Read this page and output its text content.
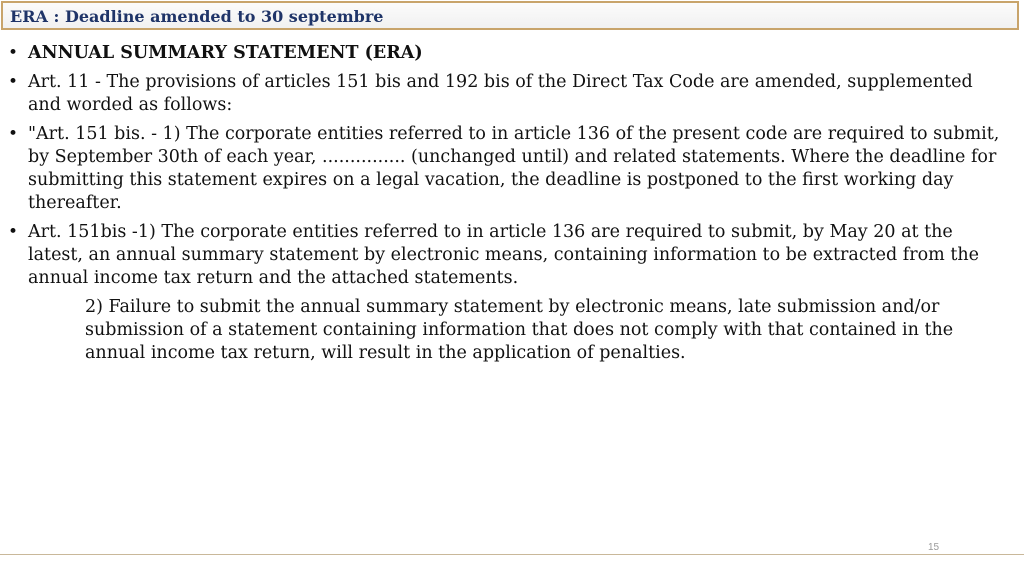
ERA : Deadline amended to 30 septembre
• ANNUAL SUMMARY STATEMENT (ERA)
• Art. 11 - The provisions of articles 151 bis and 192 bis of the Direct Tax Code are amended, supplemented and worded as follows:
• "Art. 151 bis. - 1) The corporate entities referred to in article 136 of the present code are required to submit, by September 30th of each year, ............... (unchanged until) and related statements. Where the deadline for submitting this statement expires on a legal vacation, the deadline is postponed to the first working day thereafter.
• Art. 151bis -1) The corporate entities referred to in article 136 are required to submit, by May 20 at the latest, an annual summary statement by electronic means, containing information to be extracted from the annual income tax return and the attached statements.
2) Failure to submit the annual summary statement by electronic means, late submission and/or submission of a statement containing information that does not comply with that contained in the annual income tax return, will result in the application of penalties.
15
